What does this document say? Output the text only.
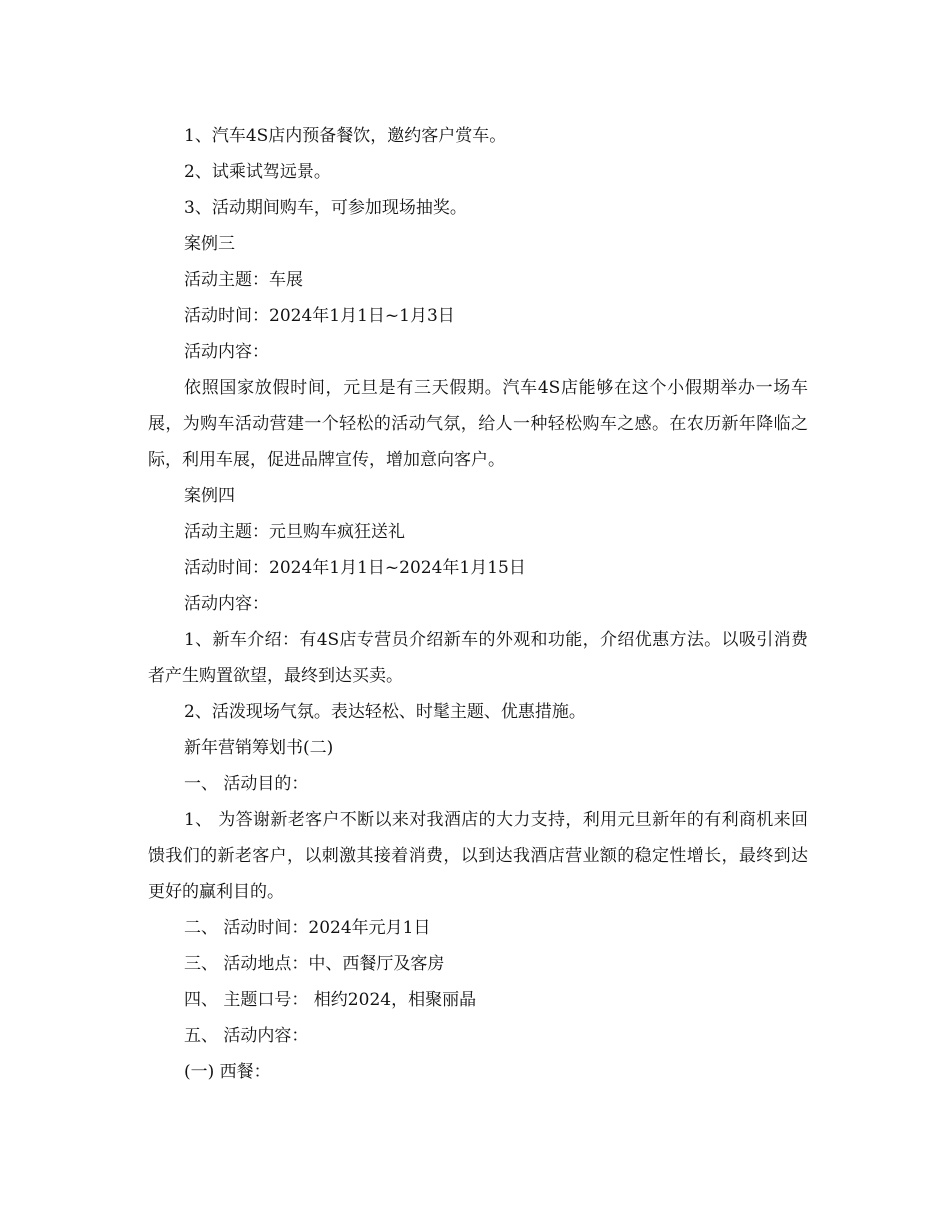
1、汽车4S店内预备餐饮，邀约客户赏车。

2、试乘试驾远景。

3、活动期间购车，可参加现场抽奖。

案例三

活动主题：车展

活动时间：2024年1月1日~1月3日

活动内容：

依照国家放假时间，元旦是有三天假期。汽车4S店能够在这个小假期举办一场车展，为购车活动营建一个轻松的活动气氛，给人一种轻松购车之感。在农历新年降临之际，利用车展，促进品牌宣传，增加意向客户。

案例四

活动主题：元旦购车疯狂送礼

活动时间：2024年1月1日~2024年1月15日

活动内容：

1、新车介绍：有4S店专营员介绍新车的外观和功能，介绍优惠方法。以吸引消费者产生购置欲望，最终到达买卖。

2、活泼现场气氛。表达轻松、时髦主题、优惠措施。

新年营销筹划书(二)

一、 活动目的：

1、 为答谢新老客户不断以来对我酒店的大力支持，利用元旦新年的有利商机来回馈我们的新老客户，以刺激其接着消费，以到达我酒店营业额的稳定性增长，最终到达更好的赢利目的。

二、 活动时间：2024年元月1日

三、 活动地点：中、西餐厅及客房

四、 主题口号： 相约2024，相聚丽晶

五、 活动内容：

(一) 西餐：
